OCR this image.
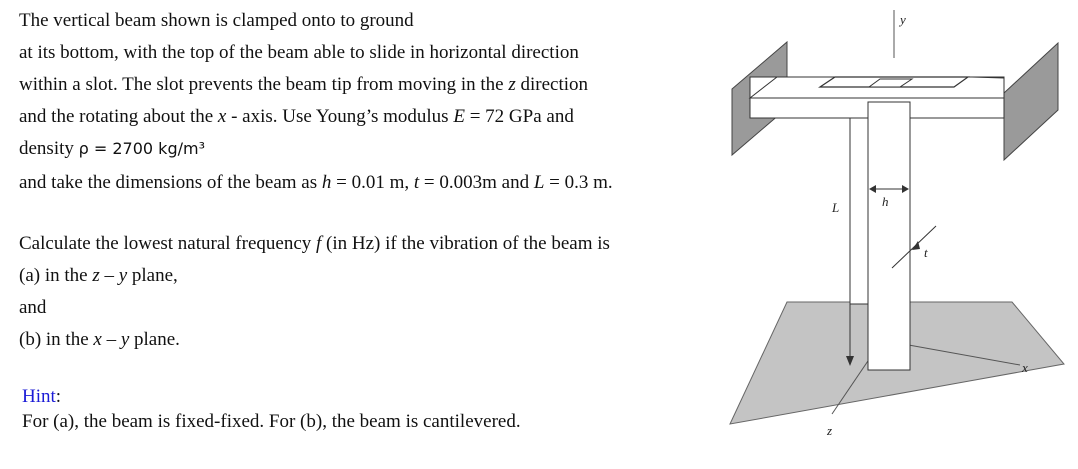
The vertical beam shown is clamped onto to ground
at its bottom, with the top of the beam able to slide in horizontal direction
within a slot. The slot prevents the beam tip from moving in the z direction
and the rotating about the x - axis. Use Young’s modulus E = 72 GPa and
density ρ = 2700 kg/m³
and take the dimensions of the beam as h = 0.01 m, t = 0.003m and L = 0.3 m.
Calculate the lowest natural frequency f (in Hz) if the vibration of the beam is
(a) in the z – y plane,
and
(b) in the x – y plane.
Hint:
For (a), the beam is fixed-fixed. For (b), the beam is cantilevered.
y
L	h
t
x
z
